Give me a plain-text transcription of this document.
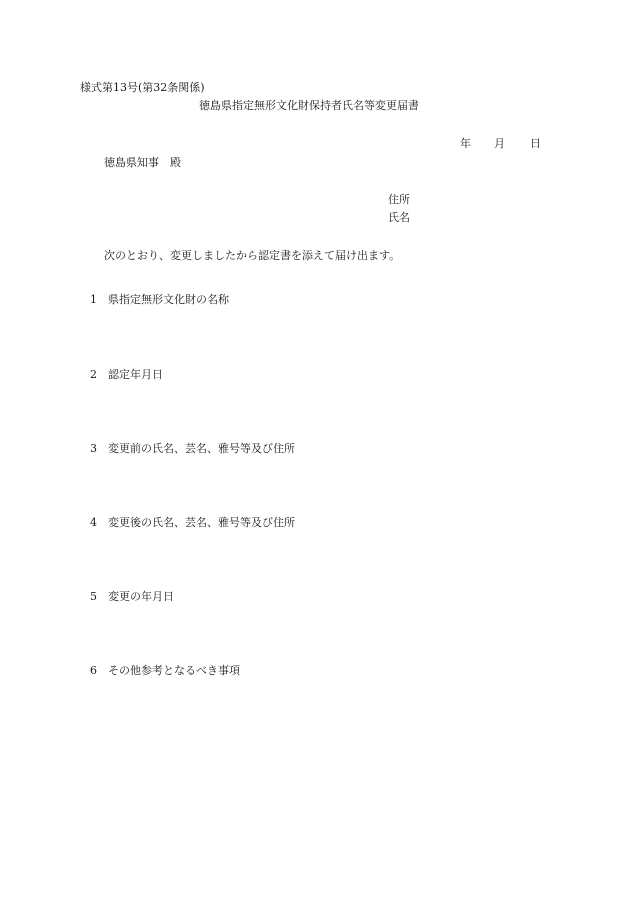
様式第13号(第32条関係)
徳島県指定無形文化財保持者氏名等変更届書
年 月 日
徳島県知事　殿
住所
氏名
次のとおり、変更しましたから認定書を添えて届け出ます。
1 県指定無形文化財の名称
2 認定年月日
3 変更前の氏名、芸名、雅号等及び住所
4 変更後の氏名、芸名、雅号等及び住所
5 変更の年月日
6 その他参考となるべき事項
